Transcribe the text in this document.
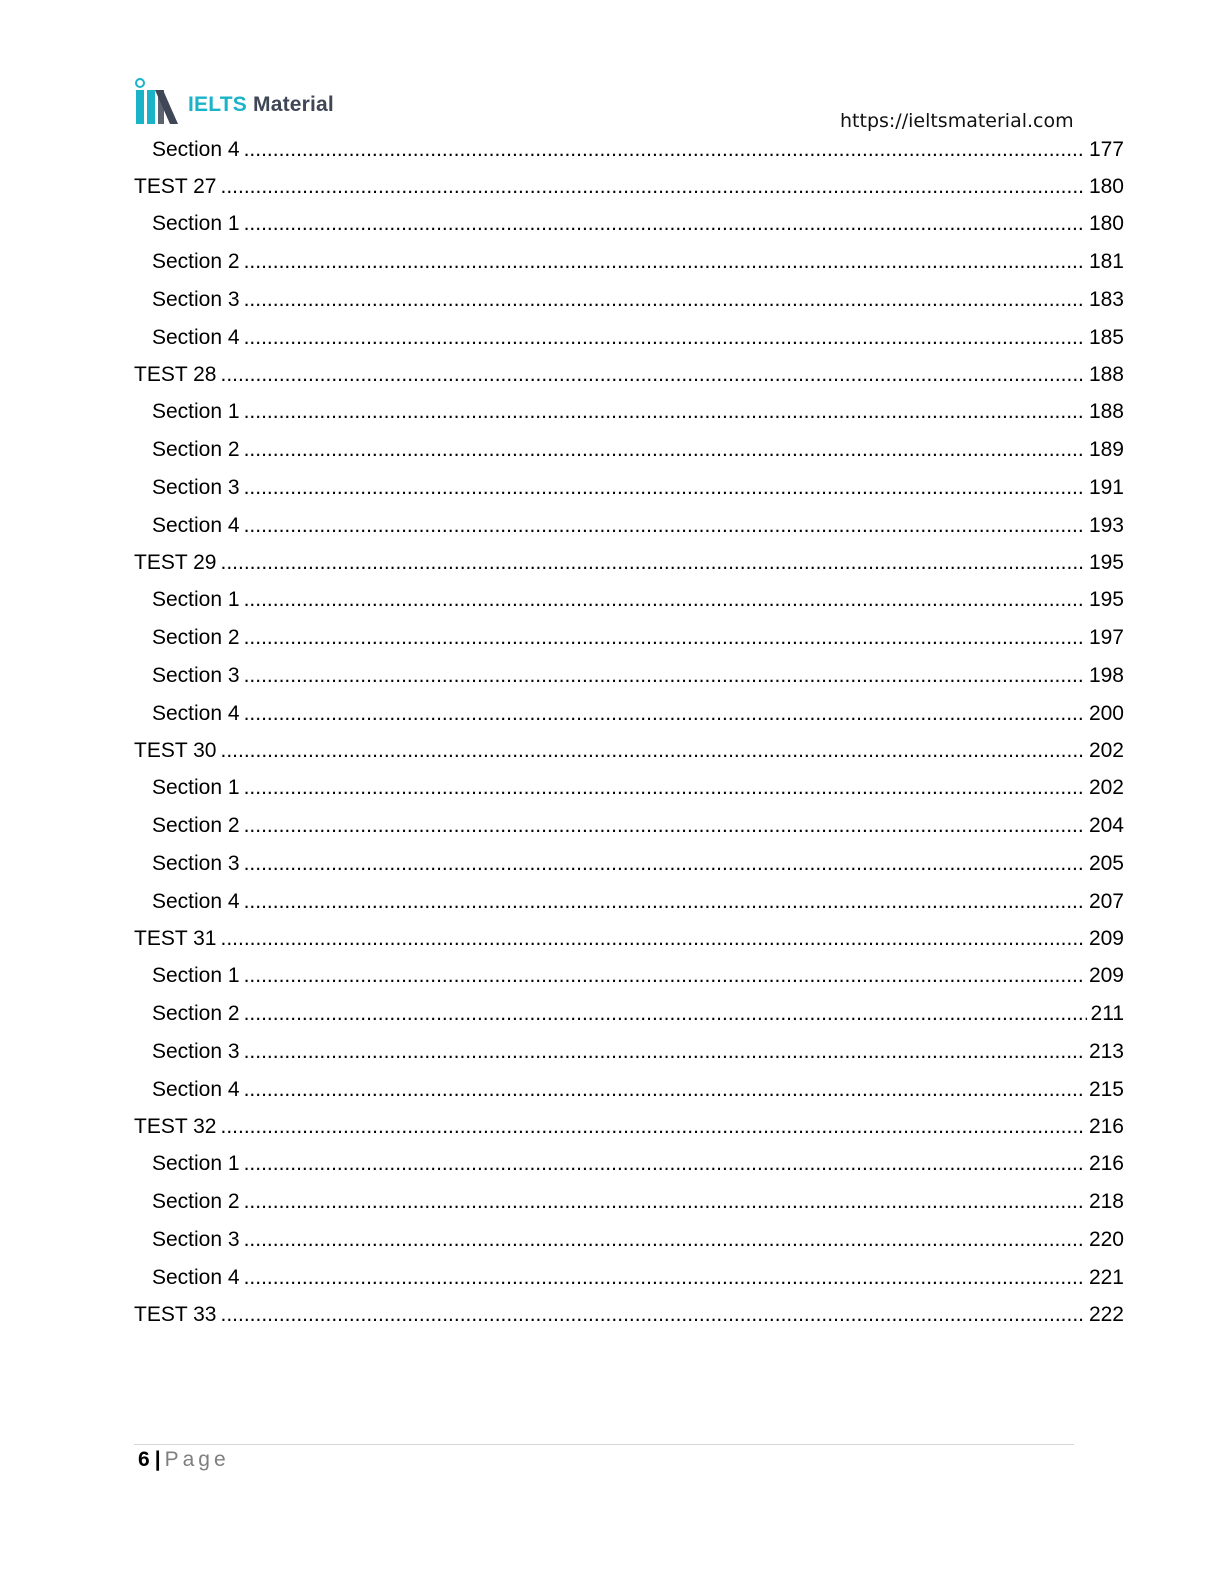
IELTS Material
https://ieltsmaterial.com
Section 4 .....	177
TEST 27 .....	180
Section 1 .....	180
Section 2 .....	181
Section 3 .....	183
Section 4 .....	185
TEST 28 .....	188
Section 1 .....	188
Section 2 .....	189
Section 3 .....	191
Section 4 .....	193
TEST 29 .....	195
Section 1 .....	195
Section 2 .....	197
Section 3 .....	198
Section 4 .....	200
TEST 30 .....	202
Section 1 .....	202
Section 2 .....	204
Section 3 .....	205
Section 4 .....	207
TEST 31 .....	209
Section 1 .....	209
Section 2 .....	211
Section 3 .....	213
Section 4 .....	215
TEST 32 .....	216
Section 1 .....	216
Section 2 .....	218
Section 3 .....	220
Section 4 .....	221
TEST 33 .....	222
6 | Page
